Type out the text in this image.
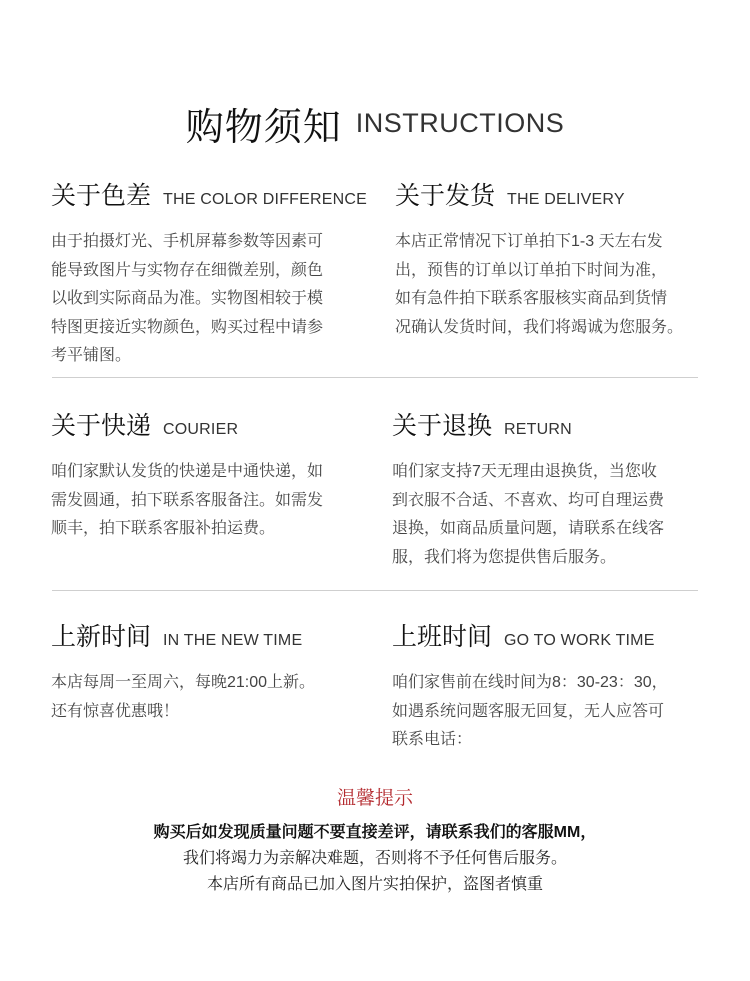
购物须知 INSTRUCTIONS
关于色差 THE COLOR DIFFERENCE

由于拍摄灯光、手机屏幕参数等因素可

能导致图片与实物存在细微差别，颜色

以收到实际商品为准。实物图相较于模

特图更接近实物颜色，购买过程中请参

考平铺图。

关于发货 THE DELIVERY

本店正常情况下订单拍下1-3 天左右发

出，预售的订单以订单拍下时间为准，

如有急件拍下联系客服核实商品到货情

况确认发货时间，我们将竭诚为您服务。

关于快递 COURIER

咱们家默认发货的快递是中通快递，如

需发圆通，拍下联系客服备注。如需发

顺丰，拍下联系客服补拍运费。

关于退换 RETURN

咱们家支持7天无理由退换货，当您收

到衣服不合适、不喜欢、均可自理运费

退换，如商品质量问题，请联系在线客

服，我们将为您提供售后服务。

上新时间 IN THE NEW TIME

本店每周一至周六，每晚21:00上新。

还有惊喜优惠哦！

上班时间 GO TO WORK TIME

咱们家售前在线时间为8：30-23：30，

如遇系统问题客服无回复，无人应答可

联系电话：

温馨提示

购买后如发现质量问题不要直接差评，请联系我们的客服MM，

我们将竭力为亲解决难题，否则将不予任何售后服务。

本店所有商品已加入图片实拍保护，盗图者慎重
